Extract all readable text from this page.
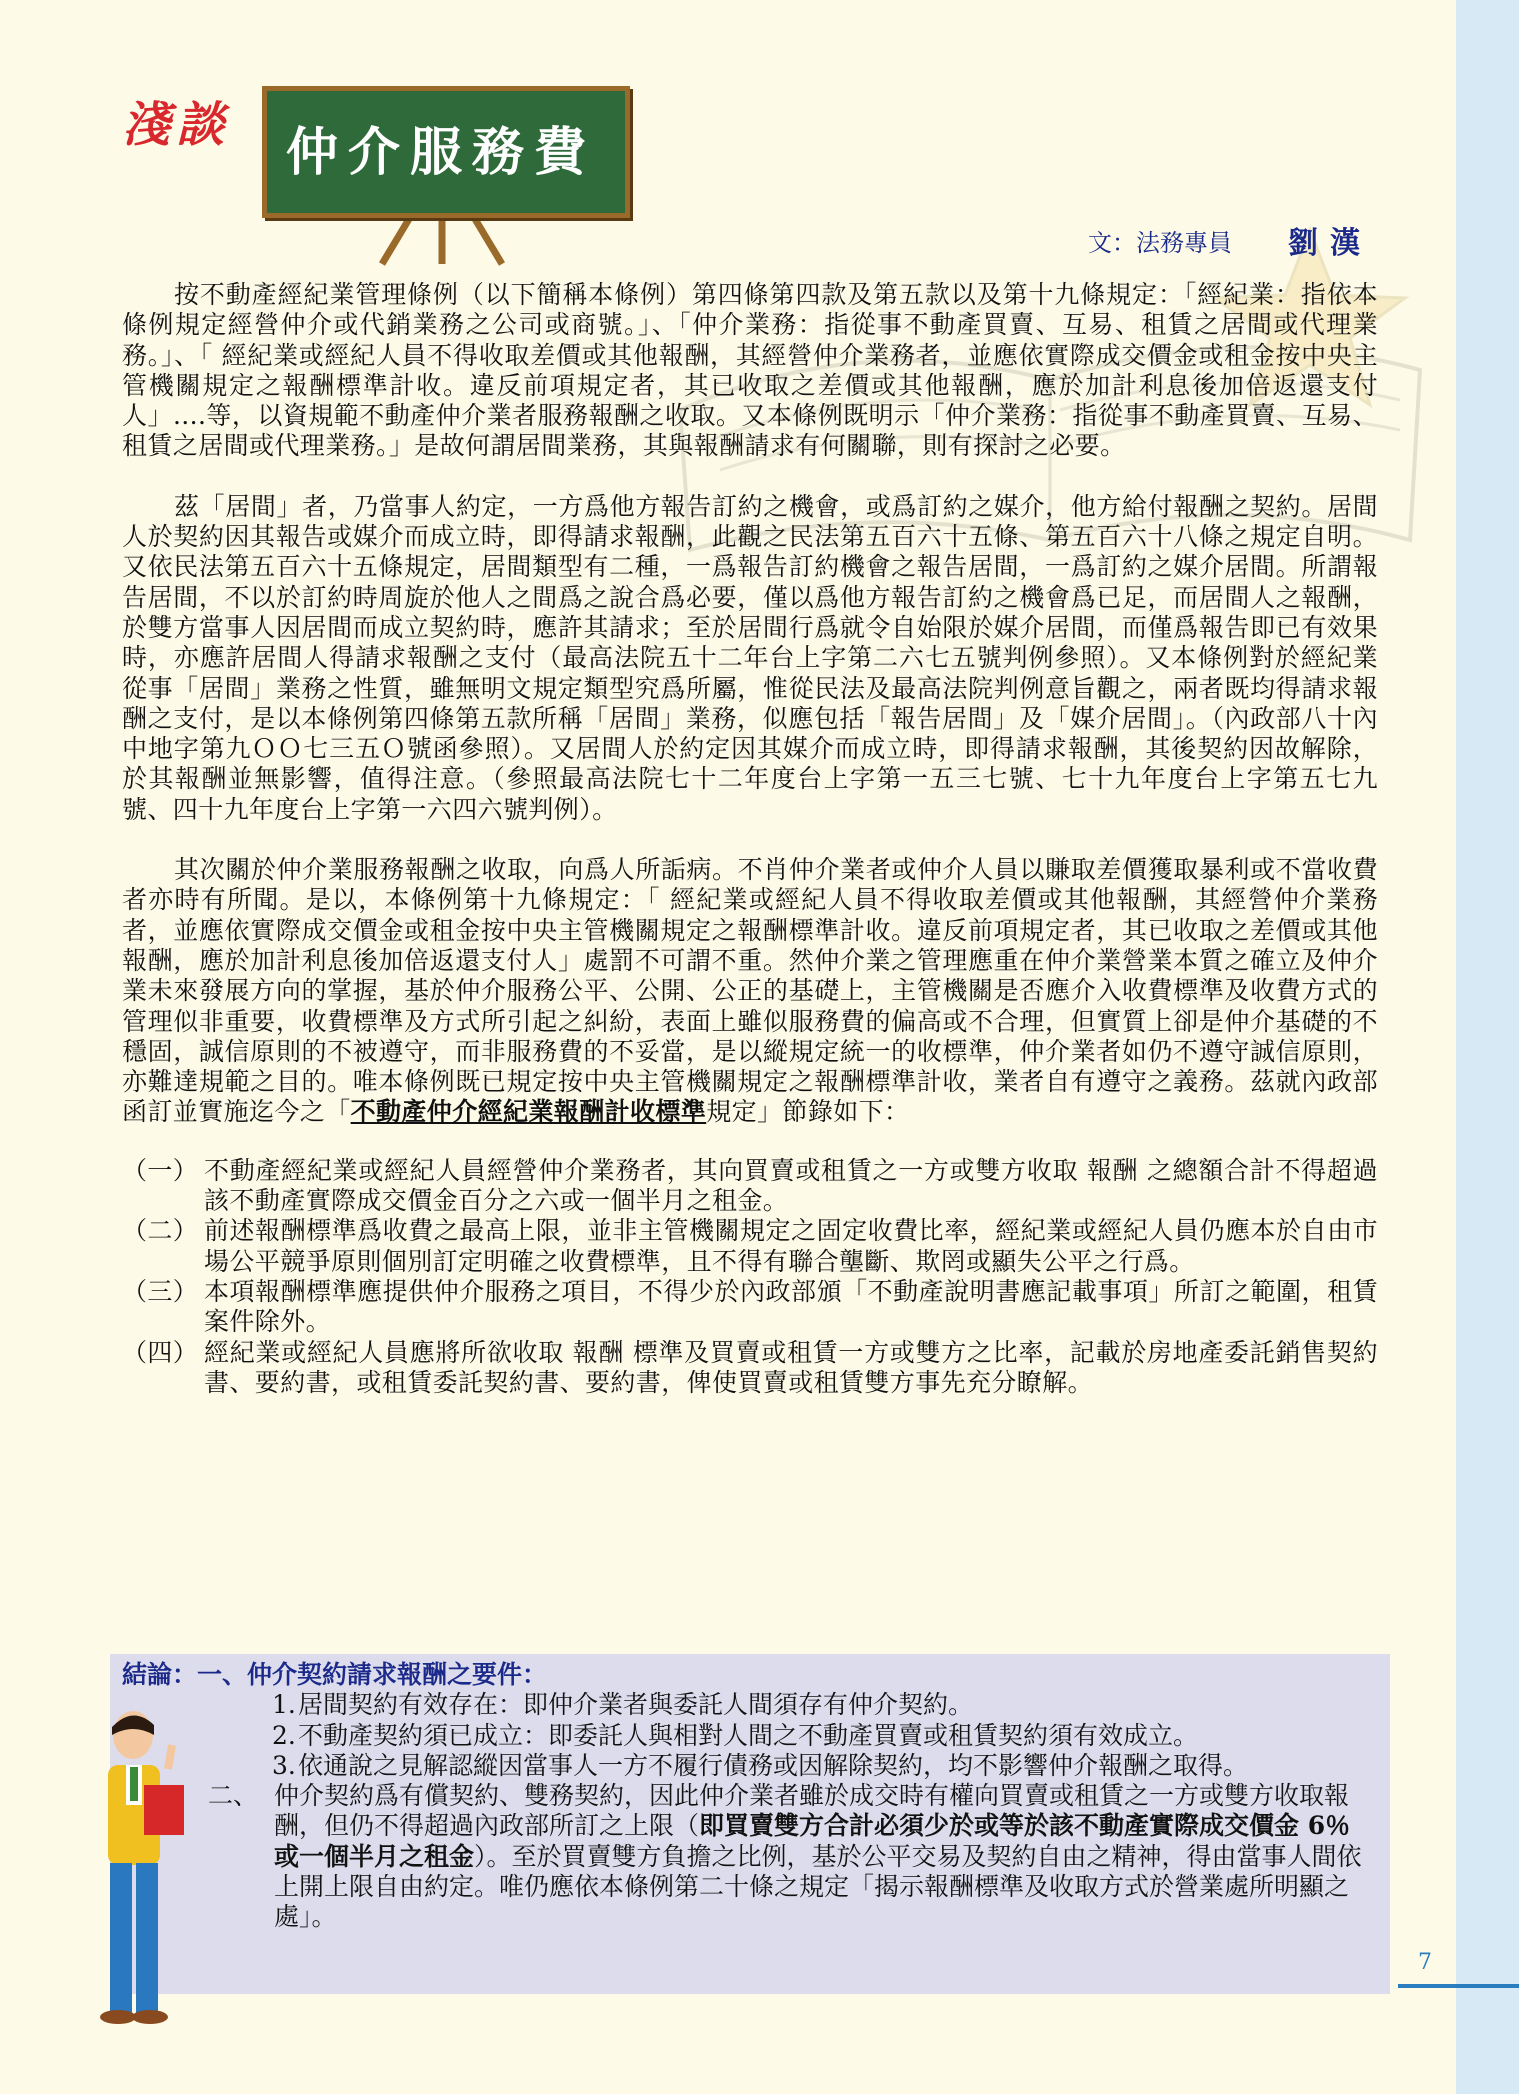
淺談	仲介服務費
文：法務專員 劉漢

按不動產經紀業管理條例（以下簡稱本條例）第四條第四款及第五款以及第十九條規定：「經紀業：指依本條例規定經營仲介或代銷業務之公司或商號。」、「仲介業務：指從事不動產買賣、互易、租賃之居間或代理業務。」、「 經紀業或經紀人員不得收取差價或其他報酬，其經營仲介業務者，並應依實際成交價金或租金按中央主管機關規定之報酬標準計收。違反前項規定者，其已收取之差價或其他報酬，應於加計利息後加倍返還支付人」....等，以資規範不動產仲介業者服務報酬之收取。又本條例既明示「仲介業務：指從事不動產買賣、互易、租賃之居間或代理業務。」是故何謂居間業務，其與報酬請求有何關聯，則有探討之必要。

茲「居間」者，乃當事人約定，一方爲他方報告訂約之機會，或爲訂約之媒介，他方給付報酬之契約。居間人於契約因其報告或媒介而成立時，即得請求報酬，此觀之民法第五百六十五條、第五百六十八條之規定自明。又依民法第五百六十五條規定，居間類型有二種，一爲報告訂約機會之報告居間，一爲訂約之媒介居間。所謂報告居間，不以於訂約時周旋於他人之間爲之說合爲必要，僅以爲他方報告訂約之機會爲已足，而居間人之報酬，於雙方當事人因居間而成立契約時，應許其請求；至於居間行爲就令自始限於媒介居間，而僅爲報告即已有效果時，亦應許居間人得請求報酬之支付（最高法院五十二年台上字第二六七五號判例參照）。又本條例對於經紀業從事「居間」業務之性質，雖無明文規定類型究爲所屬，惟從民法及最高法院判例意旨觀之，兩者既均得請求報酬之支付，是以本條例第四條第五款所稱「居間」業務，似應包括「報告居間」及「媒介居間」。（內政部八十內中地字第九ＯＯ七三五Ｏ號函參照）。又居間人於約定因其媒介而成立時，即得請求報酬，其後契約因故解除，於其報酬並無影響，值得注意。（參照最高法院七十二年度台上字第一五三七號、七十九年度台上字第五七九號、四十九年度台上字第一六四六號判例）。

其次關於仲介業服務報酬之收取，向爲人所詬病。不肖仲介業者或仲介人員以賺取差價獲取暴利或不當收費者亦時有所聞。是以，本條例第十九條規定：「 經紀業或經紀人員不得收取差價或其他報酬，其經營仲介業務者，並應依實際成交價金或租金按中央主管機關規定之報酬標準計收。違反前項規定者，其已收取之差價或其他報酬，應於加計利息後加倍返還支付人」處罰不可謂不重。然仲介業之管理應重在仲介業營業本質之確立及仲介業未來發展方向的掌握，基於仲介服務公平、公開、公正的基礎上，主管機關是否應介入收費標準及收費方式的管理似非重要，收費標準及方式所引起之糾紛，表面上雖似服務費的偏高或不合理，但實質上卻是仲介基礎的不穩固，誠信原則的不被遵守，而非服務費的不妥當，是以縱規定統一的收標準，仲介業者如仍不遵守誠信原則，亦難達規範之目的。唯本條例既已規定按中央主管機關規定之報酬標準計收，業者自有遵守之義務。茲就內政部函訂並實施迄今之「不動產仲介經紀業報酬計收標準規定」節錄如下：

（一） 不動產經紀業或經紀人員經營仲介業務者，其向買賣或租賃之一方或雙方收取 報酬 之總額合計不得超過該不動產實際成交價金百分之六或一個半月之租金。
（二） 前述報酬標準爲收費之最高上限，並非主管機關規定之固定收費比率，經紀業或經紀人員仍應本於自由市場公平競爭原則個別訂定明確之收費標準，且不得有聯合壟斷、欺罔或顯失公平之行爲。
（三） 本項報酬標準應提供仲介服務之項目，不得少於內政部頒「不動產說明書應記載事項」所訂之範圍，租賃案件除外。
（四） 經紀業或經紀人員應將所欲收取 報酬 標準及買賣或租賃一方或雙方之比率，記載於房地產委託銷售契約書、要約書，或租賃委託契約書、要約書，俾使買賣或租賃雙方事先充分瞭解。
結論：一、仲介契約請求報酬之要件：
1. 居間契約有效存在：即仲介業者與委託人間須存有仲介契約。
2. 不動產契約須已成立：即委託人與相對人間之不動產買賣或租賃契約須有效成立。
3. 依通說之見解認縱因當事人一方不履行債務或因解除契約，均不影響仲介報酬之取得。
二、 仲介契約爲有償契約、雙務契約，因此仲介業者雖於成交時有權向買賣或租賃之一方或雙方收取報酬，但仍不得超過內政部所訂之上限（即買賣雙方合計必須少於或等於該不動產實際成交價金 6％ 或一個半月之租金）。至於買賣雙方負擔之比例，基於公平交易及契約自由之精神，得由當事人間依上開上限自由約定。唯仍應依本條例第二十條之規定「揭示報酬標準及收取方式於營業處所明顯之處」。
7
